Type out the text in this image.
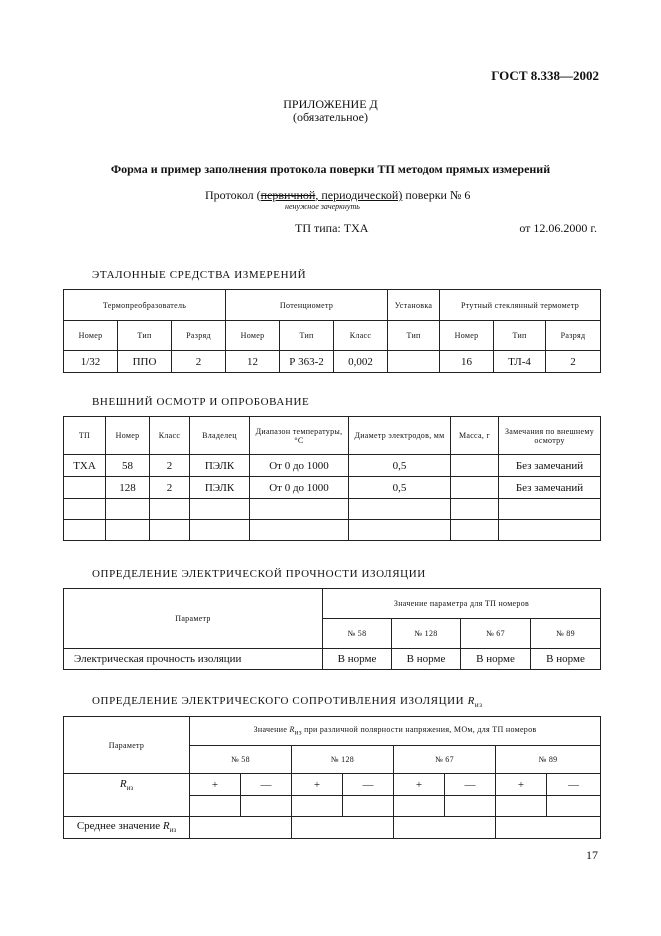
ГОСТ 8.338—2002
ПРИЛОЖЕНИЕ Д
(обязательное)
Форма и пример заполнения протокола поверки ТП методом прямых измерений
Протокол (первичной, периодической) поверки № 6
ненужное зачеркнуть
ТП типа: ТХА	от 12.06.2000 г.
ЭТАЛОННЫЕ СРЕДСТВА ИЗМЕРЕНИЙ
Термопреобразователь			Потенциометр			Установка	Ртутный стеклянный термометр		
Номер	Тип	Разряд	Номер	Тип	Класс	Тип	Номер	Тип	Разряд
1/32	ППО	2	12	Р 363-2	0,002		16	ТЛ-4	2
ВНЕШНИЙ ОСМОТР И ОПРОБОВАНИЕ
ТП	Номер	Класс	Владелец	Диапазон температуры, °С	Диаметр электродов, мм	Масса, г	Замечания по внешнему осмотру
ТХА	58	2	ПЭЛК	От 0 до 1000	0,5		Без замечаний
	128	2	ПЭЛК	От 0 до 1000	0,5		Без замечаний

ОПРЕДЕЛЕНИЕ ЭЛЕКТРИЧЕСКОЙ ПРОЧНОСТИ ИЗОЛЯЦИИ
Параметр	Значение параметра для ТП номеров			
	№ 58	№ 128	№ 67	№ 89
Электрическая прочность изоляции	В норме	В норме	В норме	В норме
ОПРЕДЕЛЕНИЕ ЭЛЕКТРИЧЕСКОГО СОПРОТИВЛЕНИЯ ИЗОЛЯЦИИ $R_{из}$
Параметр	Значение $R_{из}$ при различной полярности напряжения, МОм, для ТП номеров							
	№ 58		№ 128		№ 67		№ 89	
$R_{из}$	+	—	+	—	+	—	+	—

Среднее значение $R_{из}$				
17
